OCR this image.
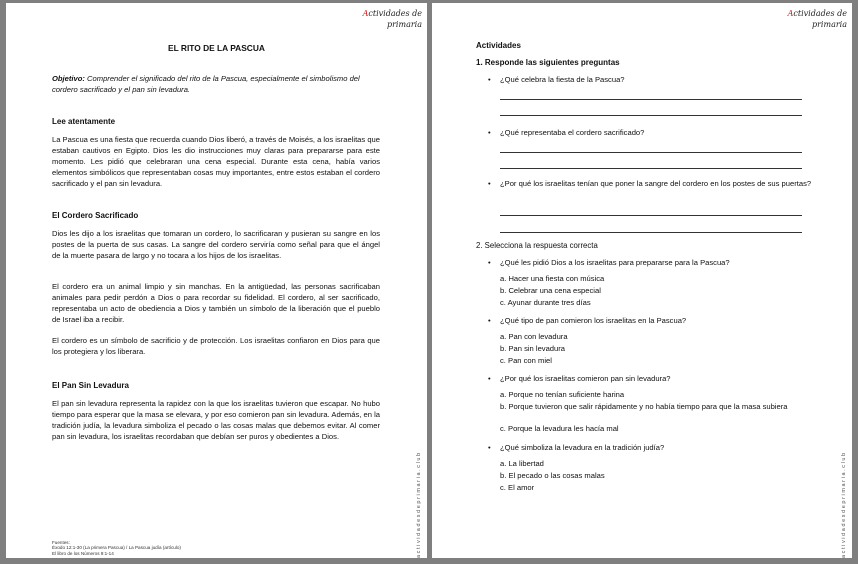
Actividades de
primaria
actividadesdeprimaria.club
EL RITO DE LA PASCUA
Objetivo: Comprender el significado del rito de la Pascua, especialmente el simbolismo del cordero sacrificado y el pan sin levadura.
Lee atentamente
La Pascua es una fiesta que recuerda cuando Dios liberó, a través de Moisés, a los israelitas que estaban cautivos en Egipto. Dios les dio instrucciones muy claras para prepararse para este momento. Les pidió que celebraran una cena especial. Durante esta cena, había varios elementos simbólicos que representaban cosas muy importantes, entre estos estaban el cordero sacrificado y el pan sin levadura.
El Cordero Sacrificado
Dios les dijo a los israelitas que tomaran un cordero, lo sacrificaran y pusieran su sangre en los postes de la puerta de sus casas. La sangre del cordero serviría como señal para que el ángel de la muerte pasara de largo y no tocara a los hijos de los israelitas.
El cordero era un animal limpio y sin manchas. En la antigüedad, las personas sacrificaban animales para pedir perdón a Dios o para recordar su fidelidad. El cordero, al ser sacrificado, representaba un acto de obediencia a Dios y también un símbolo de la liberación que el pueblo de Israel iba a recibir.
El cordero es un símbolo de sacrificio y de protección. Los israelitas confiaron en Dios para que los protegiera y los liberara.
El Pan Sin Levadura
El pan sin levadura representa la rapidez con la que los israelitas tuvieron que escapar. No hubo tiempo para esperar que la masa se elevara, y por eso comieron pan sin levadura. Además, en la tradición judía, la levadura simboliza el pecado o las cosas malas que debemos evitar. Al comer pan sin levadura, los israelitas recordaban que debían ser puros y obedientes a Dios.
Fuentes:
Éxodo 12:1-30 (La primera Pascua) / La Pascua judía (artículo)
El libro de los Números 9:1-14
Actividades de
primaria
actividadesdeprimaria.club
Actividades
1. Responde las siguientes preguntas
• ¿Qué celebra la fiesta de la Pascua?
• ¿Qué representaba el cordero sacrificado?
• ¿Por qué los israelitas tenían que poner la sangre del cordero en los postes de sus puertas?
2. Selecciona la respuesta correcta
• ¿Qué les pidió Dios a los israelitas para prepararse para la Pascua?
a. Hacer una fiesta con música
b. Celebrar una cena especial
c. Ayunar durante tres días
• ¿Qué tipo de pan comieron los israelitas en la Pascua?
a. Pan con levadura
b. Pan sin levadura
c. Pan con miel
• ¿Por qué los israelitas comieron pan sin levadura?
a. Porque no tenían suficiente harina
b. Porque tuvieron que salir rápidamente y no había tiempo para que la masa subiera
c. Porque la levadura les hacía mal
• ¿Qué simboliza la levadura en la tradición judía?
a. La libertad
b. El pecado o las cosas malas
c. El amor
